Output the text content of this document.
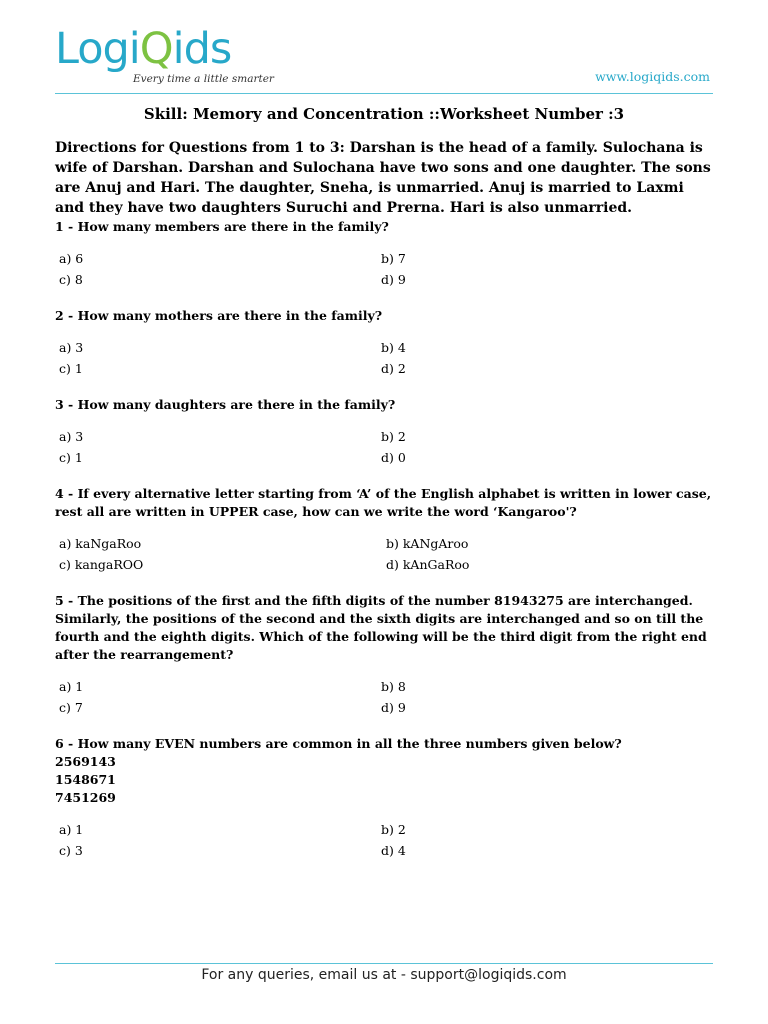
LogiQids
Every time a little smarter	www.logiqids.com
Skill: Memory and Concentration ::Worksheet Number :3

Directions for Questions from 1 to 3: Darshan is the head of a family. Sulochana is wife of Darshan. Darshan and Sulochana have two sons and one daughter. The sons are Anuj and Hari. The daughter, Sneha, is unmarried. Anuj is married to Laxmi and they have two daughters Suruchi and Prerna. Hari is also unmarried.

1 - How many members are there in the family?

a) 6	b) 7
c) 8	d) 9

2 - How many mothers are there in the family?

a) 3	b) 4
c) 1	d) 2

3 - How many daughters are there in the family?

a) 3	b) 2
c) 1	d) 0

4 - If every alternative letter starting from ‘A’ of the English alphabet is written in lower case, rest all are written in UPPER case, how can we write the word ‘Kangaroo'?

a) kaNgaRoo	b) kANgAroo
c) kangaROO	d) kAnGaRoo

5 - The positions of the first and the fifth digits of the number 81943275 are interchanged. Similarly, the positions of the second and the sixth digits are interchanged and so on till the fourth and the eighth digits. Which of the following will be the third digit from the right end after the rearrangement?

a) 1	b) 8
c) 7	d) 9

6 - How many EVEN numbers are common in all the three numbers given below?
2569143
1548671
7451269

a) 1	b) 2
c) 3	d) 4
For any queries, email us at - support@logiqids.com
